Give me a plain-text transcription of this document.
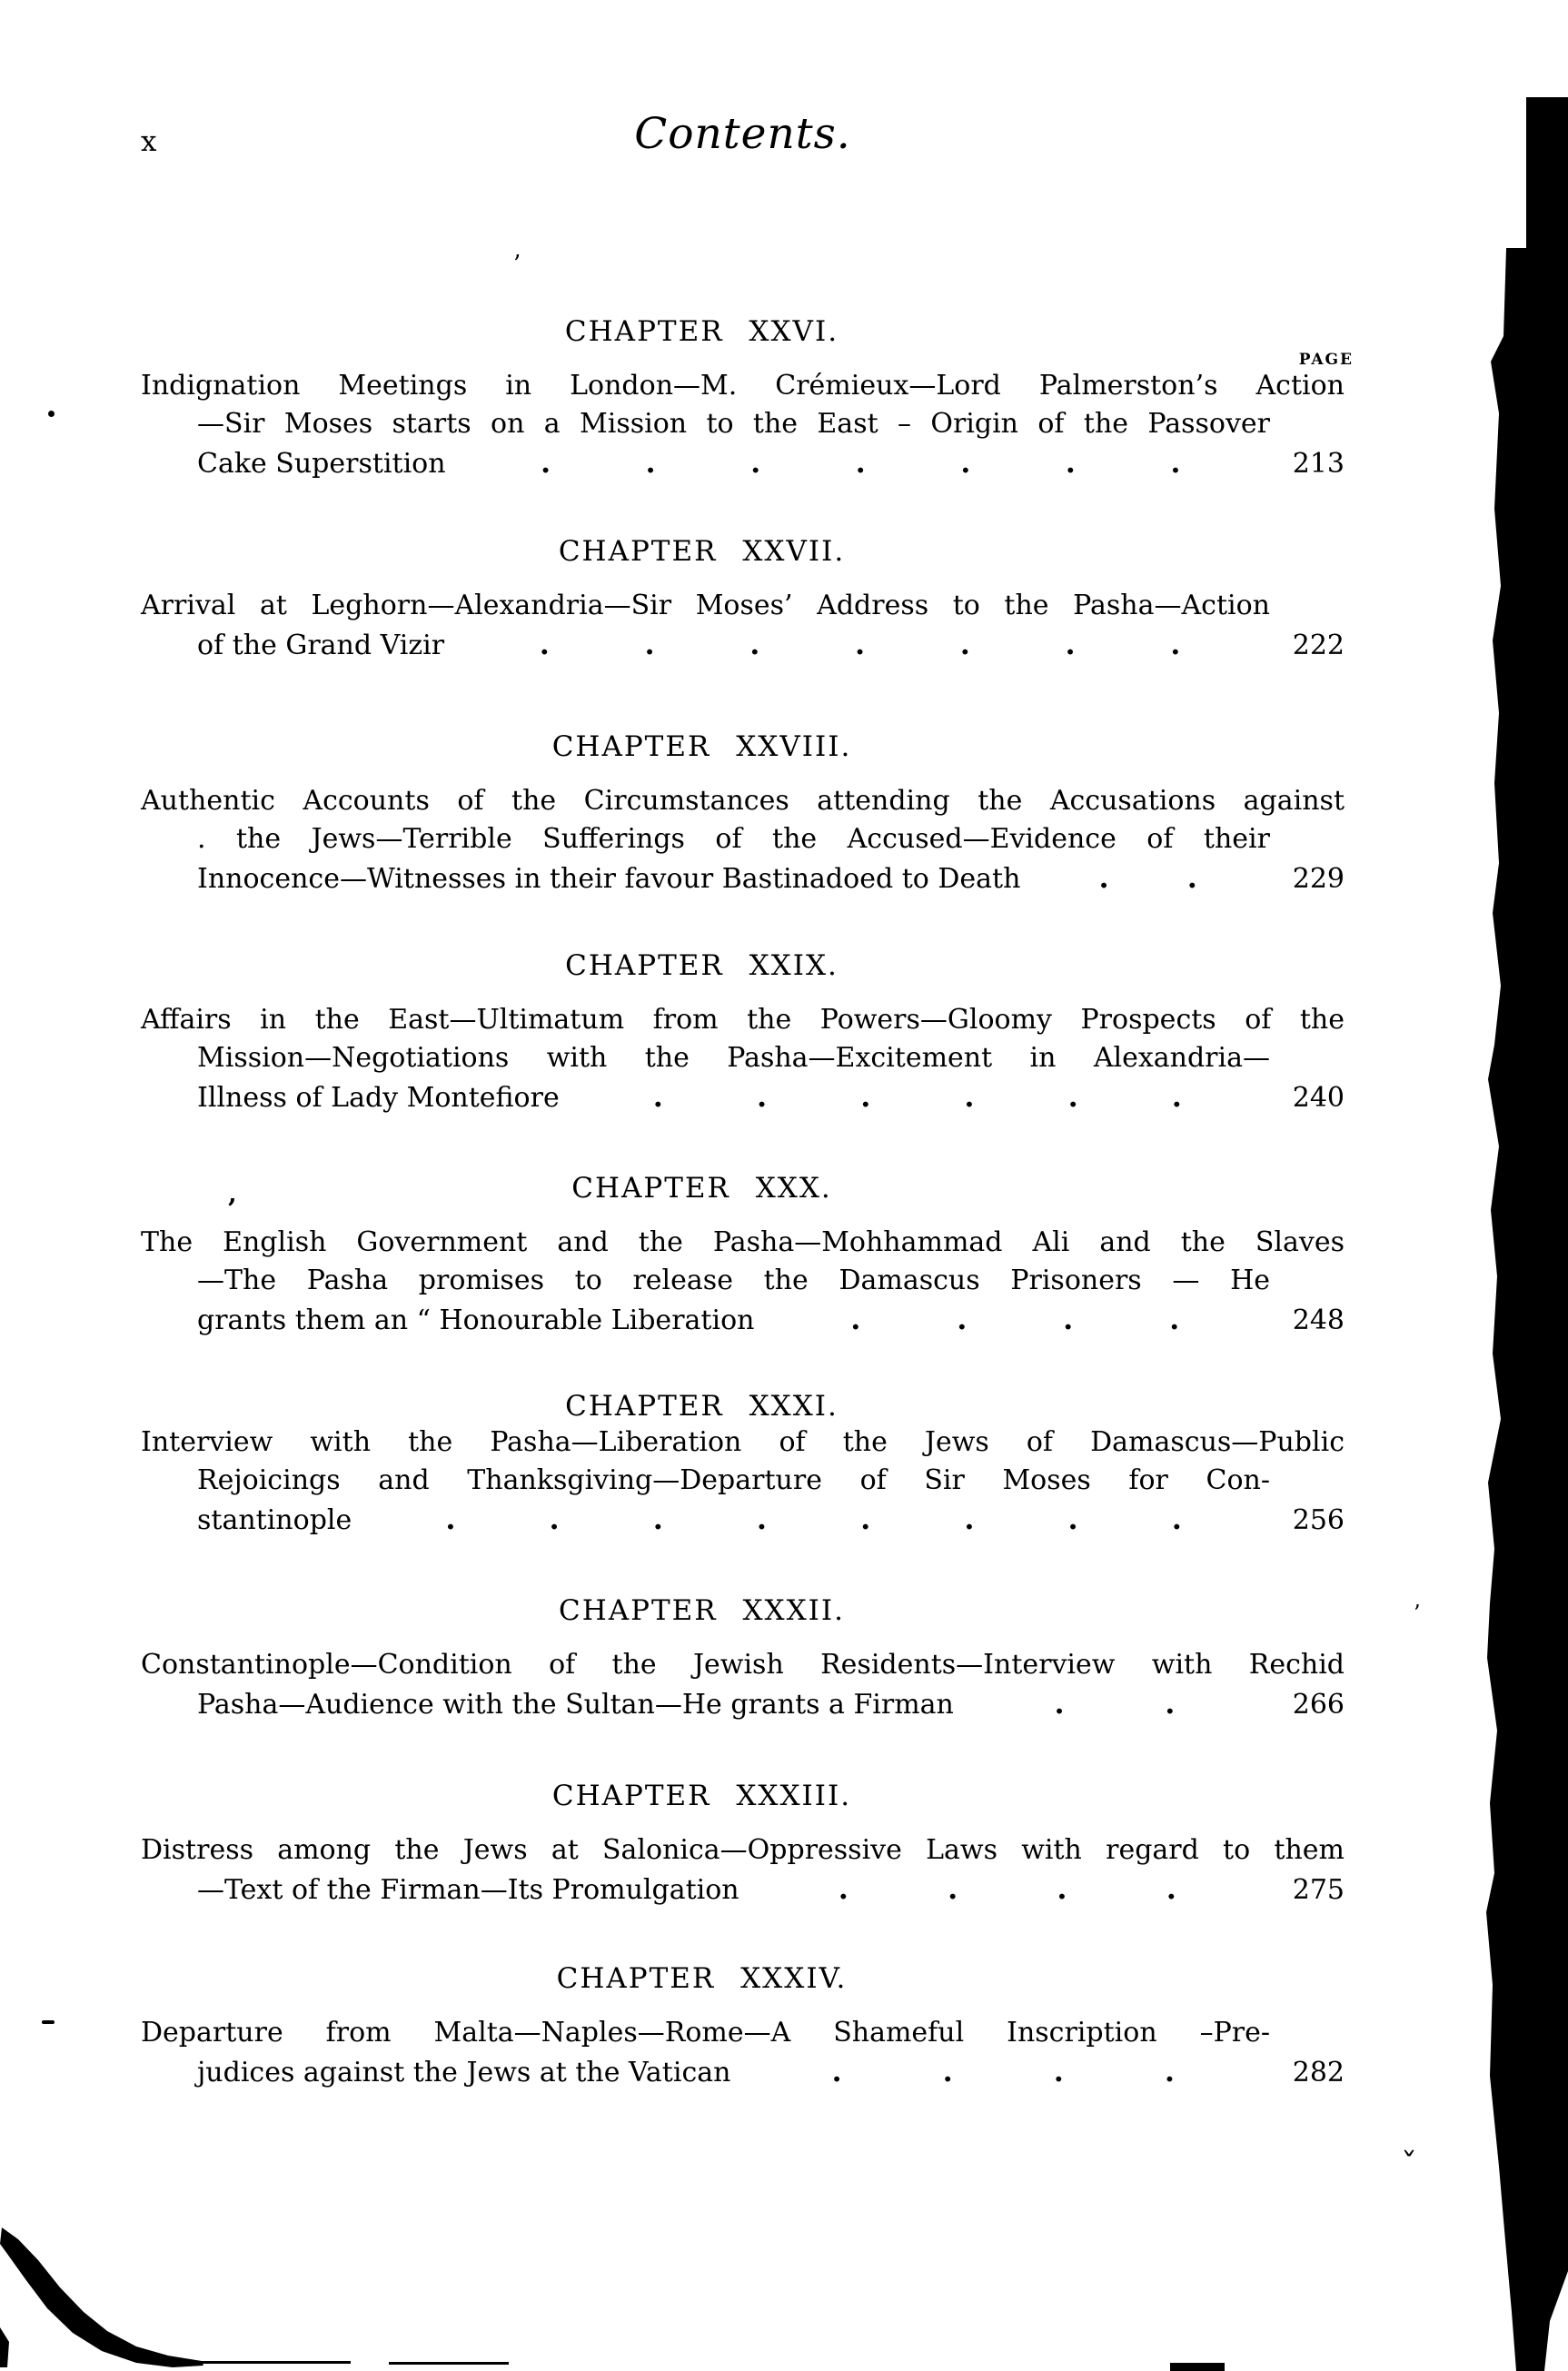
x	Contents.
PAGE
CHAPTER XXVI.
Indignation Meetings in London—M. Crémieux—Lord Palmerston’s Action
—Sir Moses starts on a Mission to the East – Origin of the Passover
Cake Superstition	.	.	.	.	.	.	.	213
CHAPTER XXVII.
Arrival at Leghorn—Alexandria—Sir Moses’ Address to the Pasha—Action
of the Grand Vizir	.	.	.	.	.	.	.	222
CHAPTER XXVIII.
Authentic Accounts of the Circumstances attending the Accusations against
. the Jews—Terrible Sufferings of the Accused—Evidence of their
Innocence—Witnesses in their favour Bastinadoed to Death	.	.	229
CHAPTER XXIX.
Affairs in the East—Ultimatum from the Powers—Gloomy Prospects of the
Mission—Negotiations with the Pasha—Excitement in Alexandria—
Illness of Lady Montefiore	.	.	.	.	.	.	240
CHAPTER XXX.
The English Government and the Pasha—Mohhammad Ali and the Slaves
—The Pasha promises to release the Damascus Prisoners — He
grants them an “ Honourable Liberation	.	.	.	.	248
CHAPTER XXXI.
Interview with the Pasha—Liberation of the Jews of Damascus—Public
Rejoicings and Thanksgiving—Departure of Sir Moses for Con-
stantinople	.	.	.	.	.	.	.	.	256
CHAPTER XXXII.
Constantinople—Condition of the Jewish Residents—Interview with Rechid
Pasha—Audience with the Sultan—He grants a Firman	.	.	266
CHAPTER XXXIII.
Distress among the Jews at Salonica—Oppressive Laws with regard to them
—Text of the Firman—Its Promulgation	.	.	.	.	275
CHAPTER XXXIV.
Departure from Malta—Naples—Rome—A Shameful Inscription –Pre-
judices against the Jews at the Vatican	.	.	.	.	282
’
’
’
ˇ
